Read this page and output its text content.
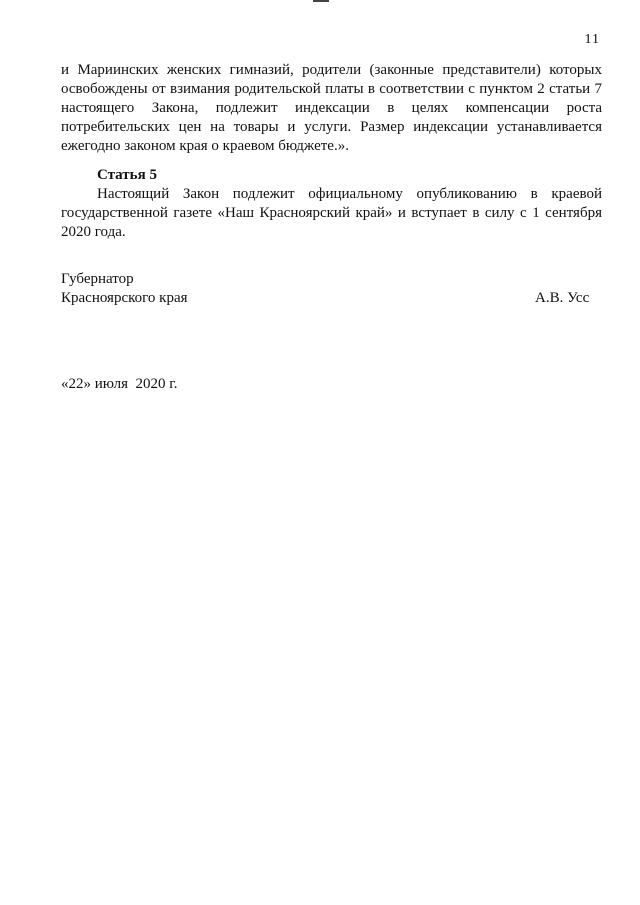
11
и Мариинских женских гимназий, родители (законные представители) которых
освобождены от взимания родительской платы в соответствии с пунктом 2 статьи 7
настоящего Закона, подлежит индексации в целях компенсации роста
потребительских цен на товары и услуги. Размер индексации устанавливается
ежегодно законом края о краевом бюджете.».
Статья 5
Настоящий Закон подлежит официальному опубликованию в краевой
государственной газете «Наш Красноярский край» и вступает в силу с 1 сентября
2020 года.
Губернатор
Красноярского края	А.В. Усс
«22» июля  2020 г.
